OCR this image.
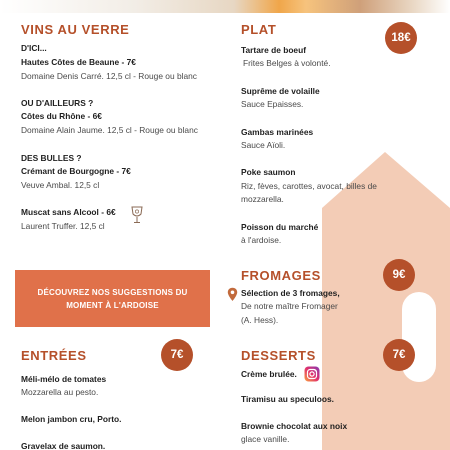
VINS AU VERRE
D'ICI...
Hautes Côtes de Beaune - 7€
Domaine Denis Carré. 12,5 cl - Rouge ou blanc
OU D'AILLEURS ?
Côtes du Rhône - 6€
Domaine Alain Jaume. 12,5 cl - Rouge ou blanc
DES BULLES ?
Crémant de Bourgogne - 7€
Veuve Ambal. 12,5 cl
Muscat sans Alcool - 6€
Laurent Truffer. 12,5 cl
DÉCOUVREZ NOS SUGGESTIONS DU
MOMENT À L'ARDOISE
ENTRÉES	7€
Méli-mélo de tomates
Mozzarella au pesto.
Melon jambon cru, Porto.
Gravelax de saumon.
PLAT
18€
Tartare de boeuf
Frites Belges à volonté.
Suprême de volaille
Sauce Epaisses.
Gambas marinées
Sauce Aïoli.
Poke saumon
Riz, fèves, carottes, avocat, billes de
mozzarella.
Poisson du marché
à l'ardoise.
FROMAGES	9€
Sélection de 3 fromages,
De notre maître Fromager
(A. Hess).
DESSERTS	7€
Crème brulée.
Tiramisu au speculoos.
Brownie chocolat aux noix
glace vanille.
